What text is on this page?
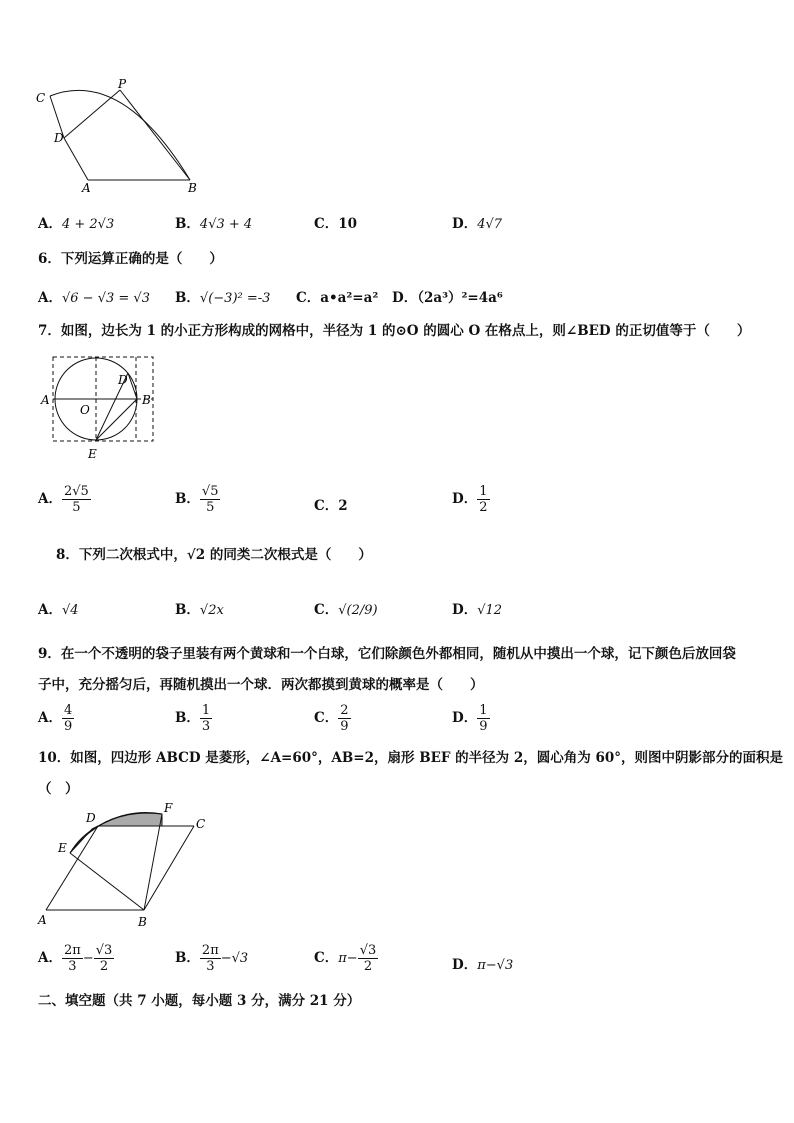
C
P
D
A	B
A．4 + 2√3	B．4√3 + 4	C．10	D．4√7
6．下列运算正确的是（　　）
A．√6 − √3 = √3 B．√(−3)² =-3 C．a•a²=a² D．（2a³）²=4a⁶
7．如图，边长为 1 的小正方形构成的网格中，半径为 1 的⊙O 的圆心 O 在格点上，则∠BED 的正切值等于（　　）
A	B
D
O
E
A． $\frac{2√5}{5}$	B． $\frac{√5}{5}$	C．2	D． $\frac{1}{2}$
8．下列二次根式中，√2 的同类二次根式是（　　）
A．√4	B．√2x	C．√(2/9)	D．√12
9．在一个不透明的袋子里装有两个黄球和一个白球，它们除颜色外都相同，随机从中摸出一个球，记下颜色后放回袋
子中，充分摇匀后，再随机摸出一个球．两次都摸到黄球的概率是（　　）
A． $\frac{4}{9}$	B． $\frac{1}{3}$	C． $\frac{2}{9}$	D． $\frac{1}{9}$
10．如图，四边形 ABCD 是菱形，∠A=60°，AB=2，扇形 BEF 的半径为 2，圆心角为 60°，则图中阴影部分的面积是
（　）
D
F
C
E
A	B
A． $\frac{2\pi}{3} - \frac{√3}{2}$	B． $\frac{2\pi}{3} -√3$	C．$\pi- \frac{√3}{2}$	D．π−√3
二、填空题（共 7 小题，每小题 3 分，满分 21 分）
